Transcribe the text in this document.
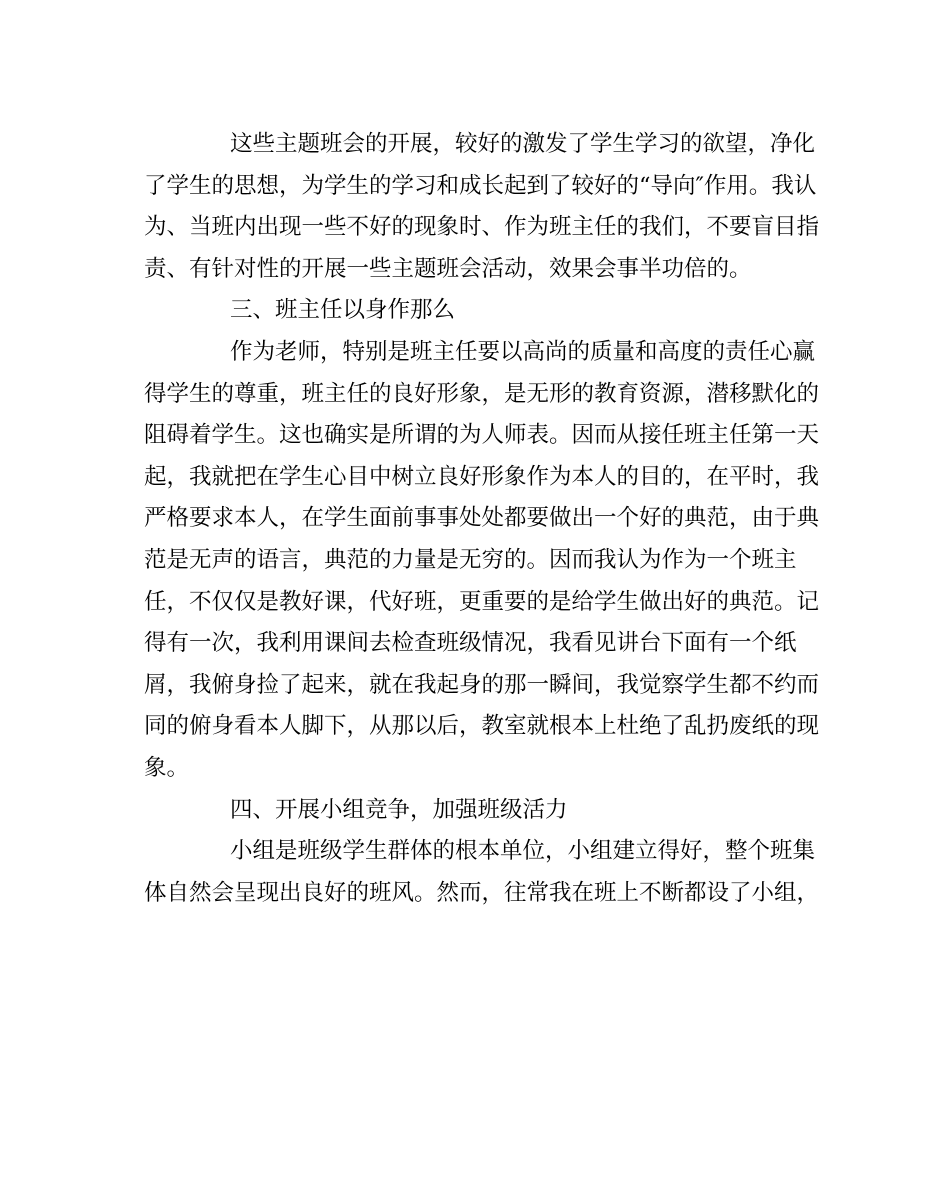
这些主题班会的开展，较好的激发了学生学习的欲望，净化
了学生的思想，为学生的学习和成长起到了较好的“导向″作用。我认
为、当班内出现一些不好的现象时、作为班主任的我们，不要盲目指
责、有针对性的开展一些主题班会活动，效果会事半功倍的。
三、班主任以身作那么
作为老师，特别是班主任要以高尚的质量和高度的责任心赢
得学生的尊重，班主任的良好形象，是无形的教育资源，潜移默化的
阻碍着学生。这也确实是所谓的为人师表。因而从接任班主任第一天
起，我就把在学生心目中树立良好形象作为本人的目的，在平时，我
严格要求本人，在学生面前事事处处都要做出一个好的典范，由于典
范是无声的语言，典范的力量是无穷的。因而我认为作为一个班主
任，不仅仅是教好课，代好班，更重要的是给学生做出好的典范。记
得有一次，我利用课间去检查班级情况，我看见讲台下面有一个纸
屑，我俯身捡了起来，就在我起身的那一瞬间，我觉察学生都不约而
同的俯身看本人脚下，从那以后，教室就根本上杜绝了乱扔废纸的现
象。
四、开展小组竞争，加强班级活力
小组是班级学生群体的根本单位，小组建立得好，整个班集
体自然会呈现出良好的班风。然而，往常我在班上不断都设了小组，
